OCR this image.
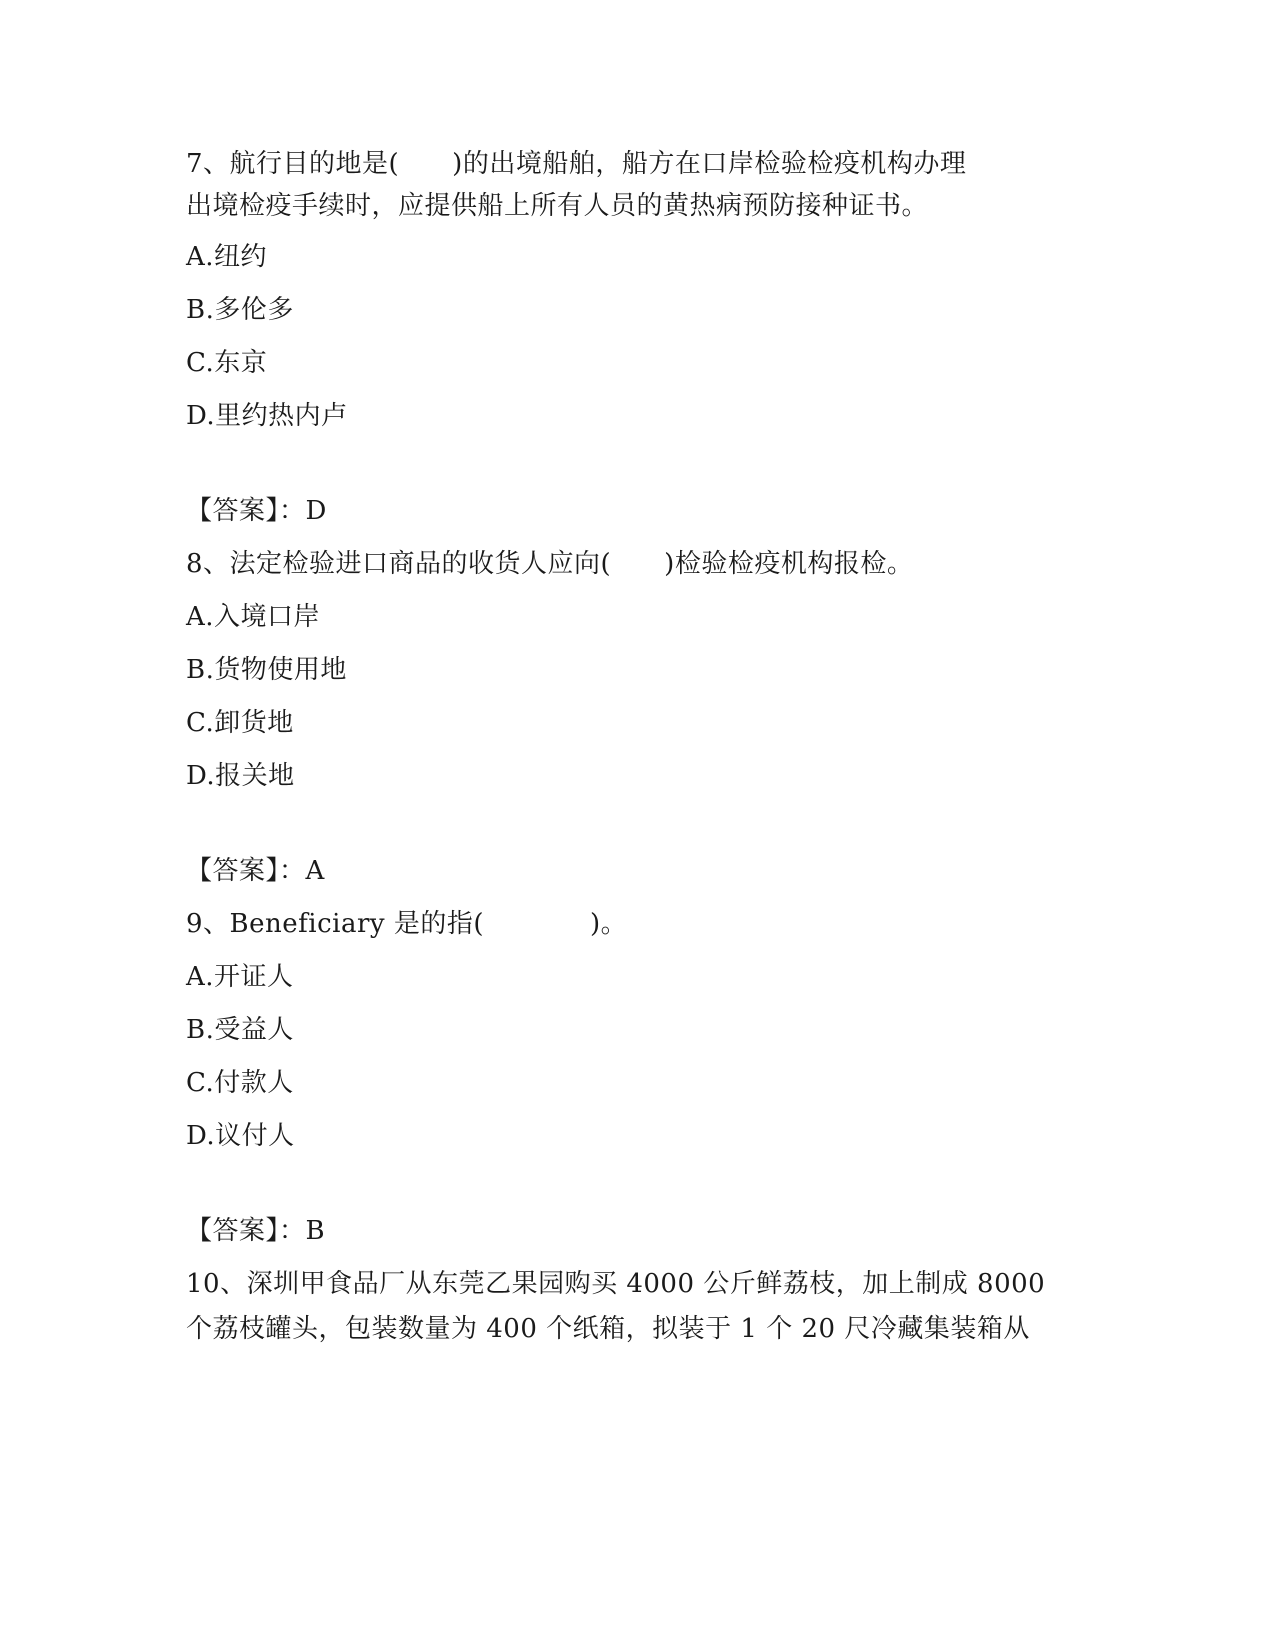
7、航行目的地是(　　)的出境船舶，船方在口岸检验检疫机构办理
出境检疫手续时，应提供船上所有人员的黄热病预防接种证书。
A.纽约
B.多伦多
C.东京
D.里约热内卢
【答案】：D
8、法定检验进口商品的收货人应向(　　)检验检疫机构报检。
A.入境口岸
B.货物使用地
C.卸货地
D.报关地
【答案】：A
9、Beneficiary 是的指(　　　　)。
A.开证人
B.受益人
C.付款人
D.议付人
【答案】：B
10、深圳甲食品厂从东莞乙果园购买 4000 公斤鲜荔枝，加上制成 8000
个荔枝罐头，包装数量为 400 个纸箱，拟装于 1 个 20 尺冷藏集装箱从
